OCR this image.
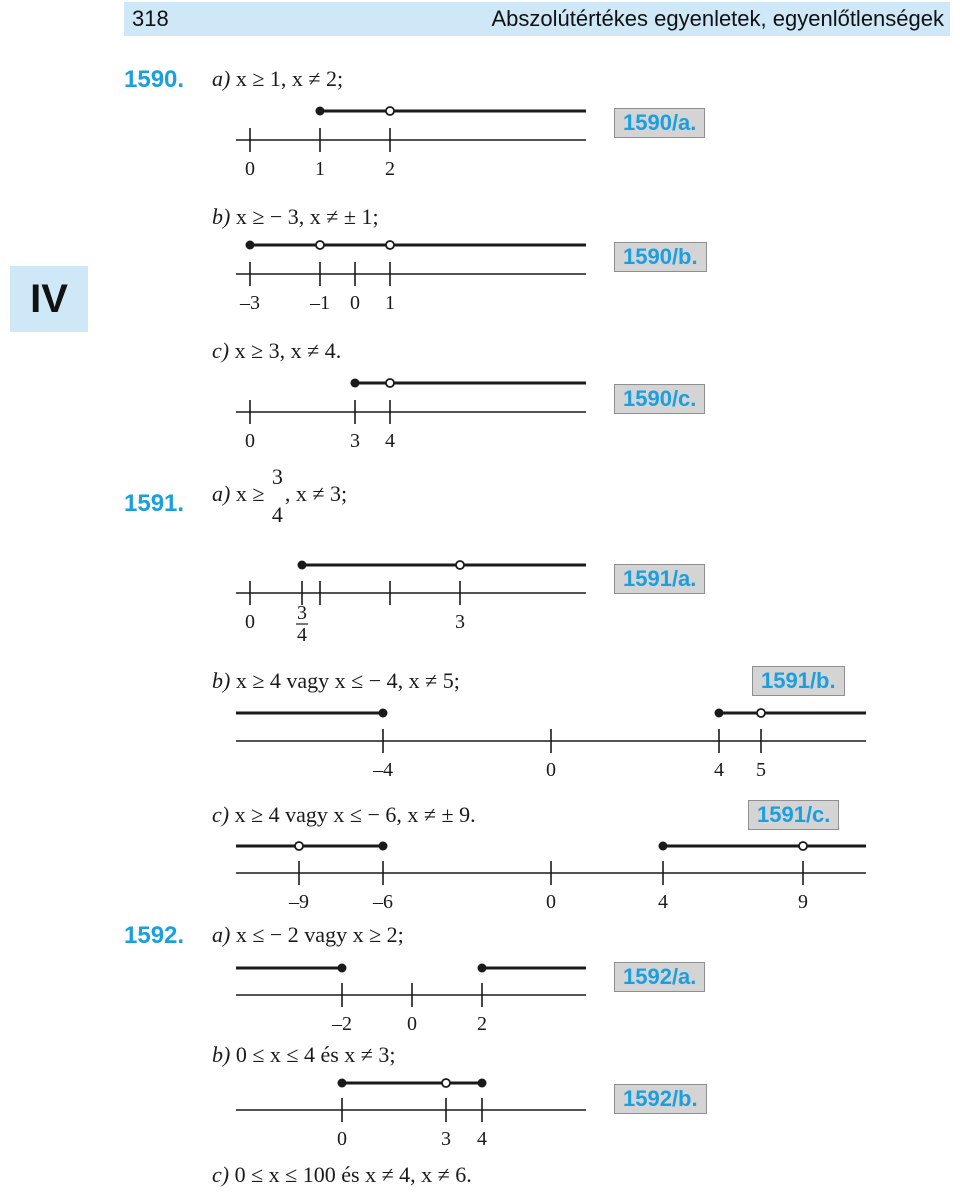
318	Abszolútértékes egyenletek, egyenlőtlenségek
IV
1590. a) x ≥ 1, x ≠ 2;
1590/a.
b) x ≥ − 3, x ≠ ± 1;
1590/b.
c) x ≥ 3, x ≠ 4.
1590/c.
1591. a) x ≥
3
4
, x ≠ 3;
1591/a.
b) x ≥ 4 vagy x ≤ − 4, x ≠ 5;	1591/b.
c) x ≥ 4 vagy x ≤ − 6, x ≠ ± 9.	1591/c.
1592. a) x ≤ − 2 vagy x ≥ 2;
1592/a.
b) 0 ≤ x ≤ 4 és x ≠ 3;
1592/b.
c) 0 ≤ x ≤ 100 és x ≠ 4, x ≠ 6.
0	1	2
–3	–1 0 1
0	3 4
0	3
3
4
–4	0	4 5
–9	–6	0	4	9
–2	0	2
0	3 4
